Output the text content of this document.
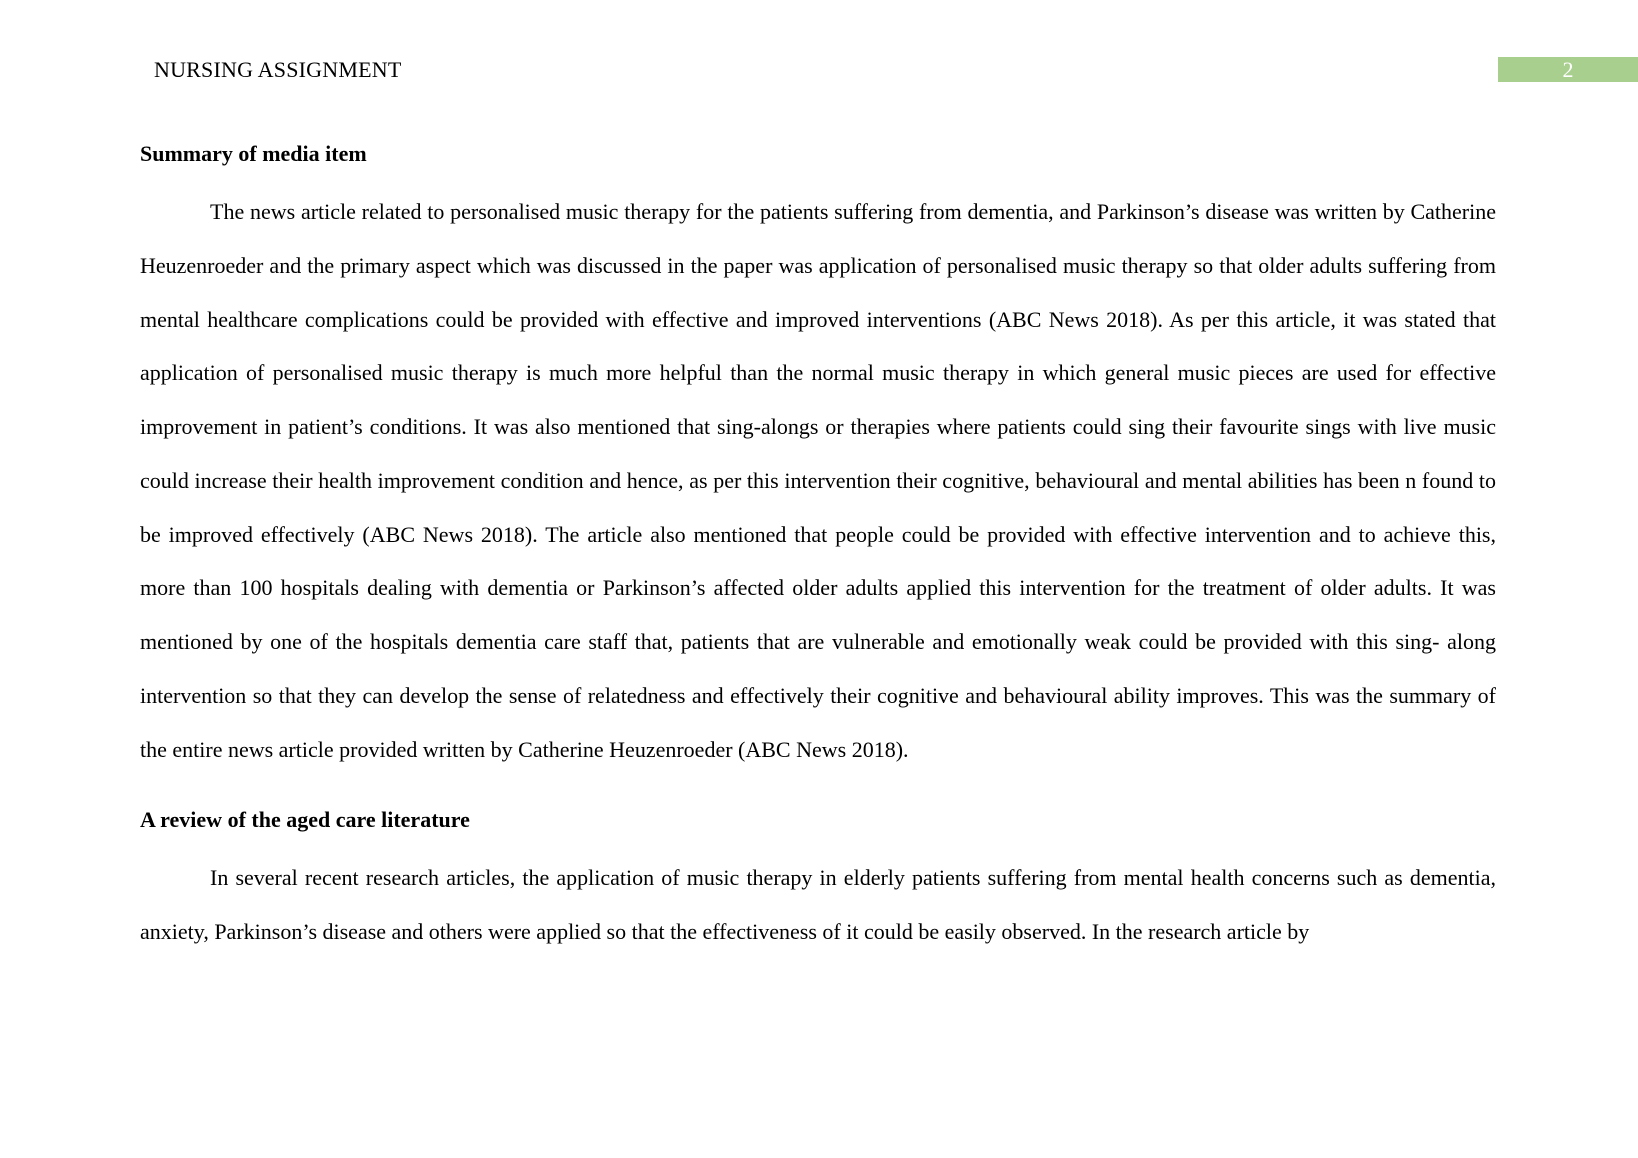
NURSING ASSIGNMENT	2

Summary of media item

The news article related to personalised music therapy for the patients suffering from dementia, and Parkinson’s disease was written by Catherine Heuzenroeder and the primary aspect which was discussed in the paper was application of personalised music therapy so that older adults suffering from mental healthcare complications could be provided with effective and improved interventions (ABC News 2018). As per this article, it was stated that application of personalised music therapy is much more helpful than the normal music therapy in which general music pieces are used for effective improvement in patient’s conditions. It was also mentioned that sing-alongs or therapies where patients could sing their favourite sings with live music could increase their health improvement condition and hence, as per this intervention their cognitive, behavioural and mental abilities has been n found to be improved effectively (ABC News 2018). The article also mentioned that people could be provided with effective intervention and to achieve this, more than 100 hospitals dealing with dementia or Parkinson’s affected older adults applied this intervention for the treatment of older adults. It was mentioned by one of the hospitals dementia care staff that, patients that are vulnerable and emotionally weak could be provided with this sing- along intervention so that they can develop the sense of relatedness and effectively their cognitive and behavioural ability improves. This was the summary of the entire news article provided written by Catherine Heuzenroeder (ABC News 2018).

A review of the aged care literature

In several recent research articles, the application of music therapy in elderly patients suffering from mental health concerns such as dementia, anxiety, Parkinson’s disease and others were applied so that the effectiveness of it could be easily observed. In the research article by
